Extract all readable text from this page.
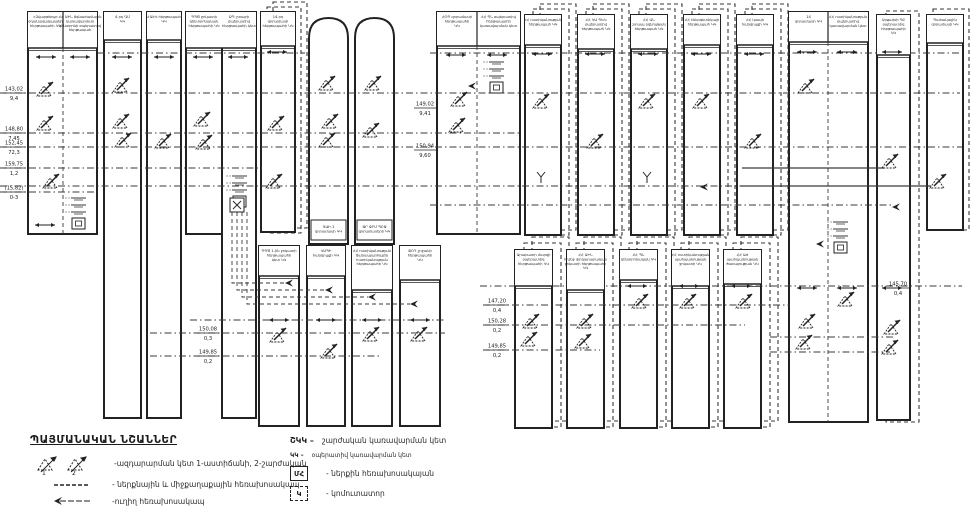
«Զվարթնոց» օդանավակայանի հերթապահի ԿԿ
ՀՀ ԱԻՆ ճգնաժամային կառավարման կենտրոնի օպերատիվ հերթապահ
4-րդ ԳՄ ԿԿ
ՀԱԷԿ հերթապահ ԿԿ
ՊՊԾ ջոկատի կենտրոնական հերթապահի ԿԿ
ՔՊ շտաբի օպերատիվ հերթապահի կետ
14-րդ զորամասի հերթապահի ԿԿ
ԳԱԻ-1 զորամասի ԿԿ
ՋՐ ՋՐՄ ՊԲՋ զորամասերի ԿԿ
ՀՕՊ զորամասի հերթապահի ԿԿ
ՀՀ ՊՆ օպերատիվ հերթապահի կառավարման կետ
ՀՀ ոստիկանության հերթապահ ԿԿ
ՀՀ ԿԱ ՊԵԿ օպերատիվ հերթապահ ԿԿ
ՀՀ ԱՆ շտապ օգնության հերթապահ ԿԿ
ՀՀ էներգետիկայի հերթապահ ԿԿ
ՀՀ կապի հանգույցի ԿԿ
ՊՊԾ 1-ին ջոկատի հերթապահի կետ ԿԿ
ԿԱՊԻ հանգույցի ԿԿ
ՀՀ ոստիկանության ճանապարհային ոստիկանության հերթապահի ԿԿ
ՋՕԴ շրջանի հերթապահի ԿԿ
Արարատի մարզի օպերատիվ հերթապահի ԿԿ
ՀՀ ԱԻՆ հրշեջ փրկարարական ջոկատի հերթապահի ԿԿ
ՀՀ ՊՆ կենտրոնական ԿԿ
ՀՀ ոստիկանության պահպանության ջոկատի ԿԿ
ՀՀ ԱԺ պահպանության ծառայության ԿԿ
14 զորամասի ԿԿ
ՀՀ ոստիկանության օպերատիվ կառավարման կետ
Արցախի ՊԲ օպերատիվ հերթապահի ԿԿ
Պահակային զորամասի ԿԿ
143,02
9,4
148,80
7,45
152,45
72,3
159,75
1,2
(15,82)
0-3
149,02
9,41
150,94
9,60
150,08
0,3
149,85
0,2
147,20
0,4
150,28
0,2
149,85
0,2
145,70
0,4
ՊԱՅՄԱՆԱԿԱՆ ՆՇԱՆՆԵՐ
1	2
-ազդարարման կետ 1-աստիճանի, 2-շարժական
- ներքնային և միջքաղաքային հեռախոսակապ
-ուղիղ հեռախոսակապ
ՇԿԿ – շարժական կառավարման կետ
ԿԿ – օպերատիվ կառավարման կետ
ՄՀ	- ներքին հեռախոսակայան
Կ	- կոմուտատոր
